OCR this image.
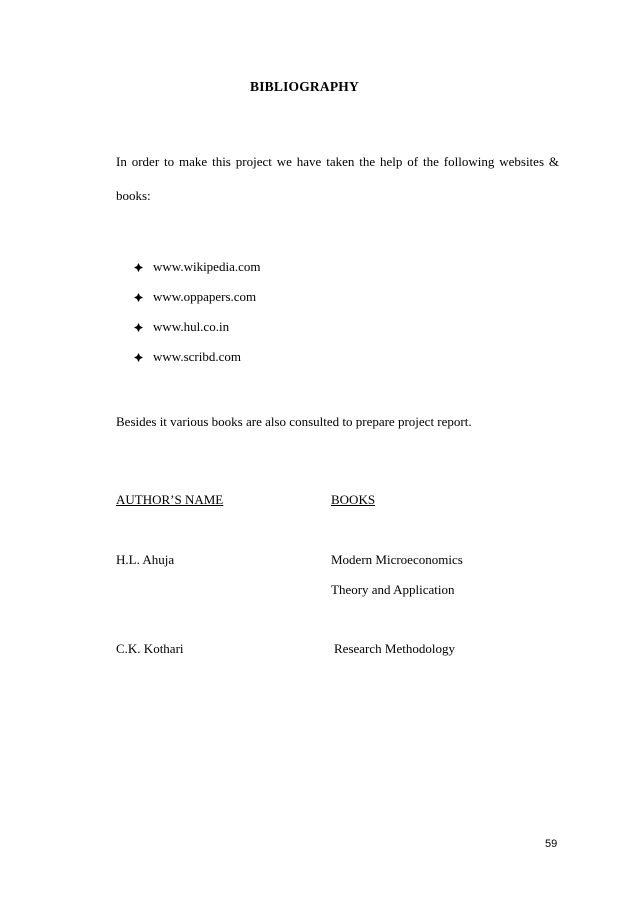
BIBLIOGRAPHY
In order to make this project we have taken the help of the following websites & books:
www.wikipedia.com
www.oppapers.com
www.hul.co.in
www.scribd.com
Besides it various books are also consulted to prepare project report.
AUTHOR’S NAME	BOOKS
H.L. Ahuja	Modern Microeconomics
Theory and Application
C.K. Kothari	Research Methodology
59
